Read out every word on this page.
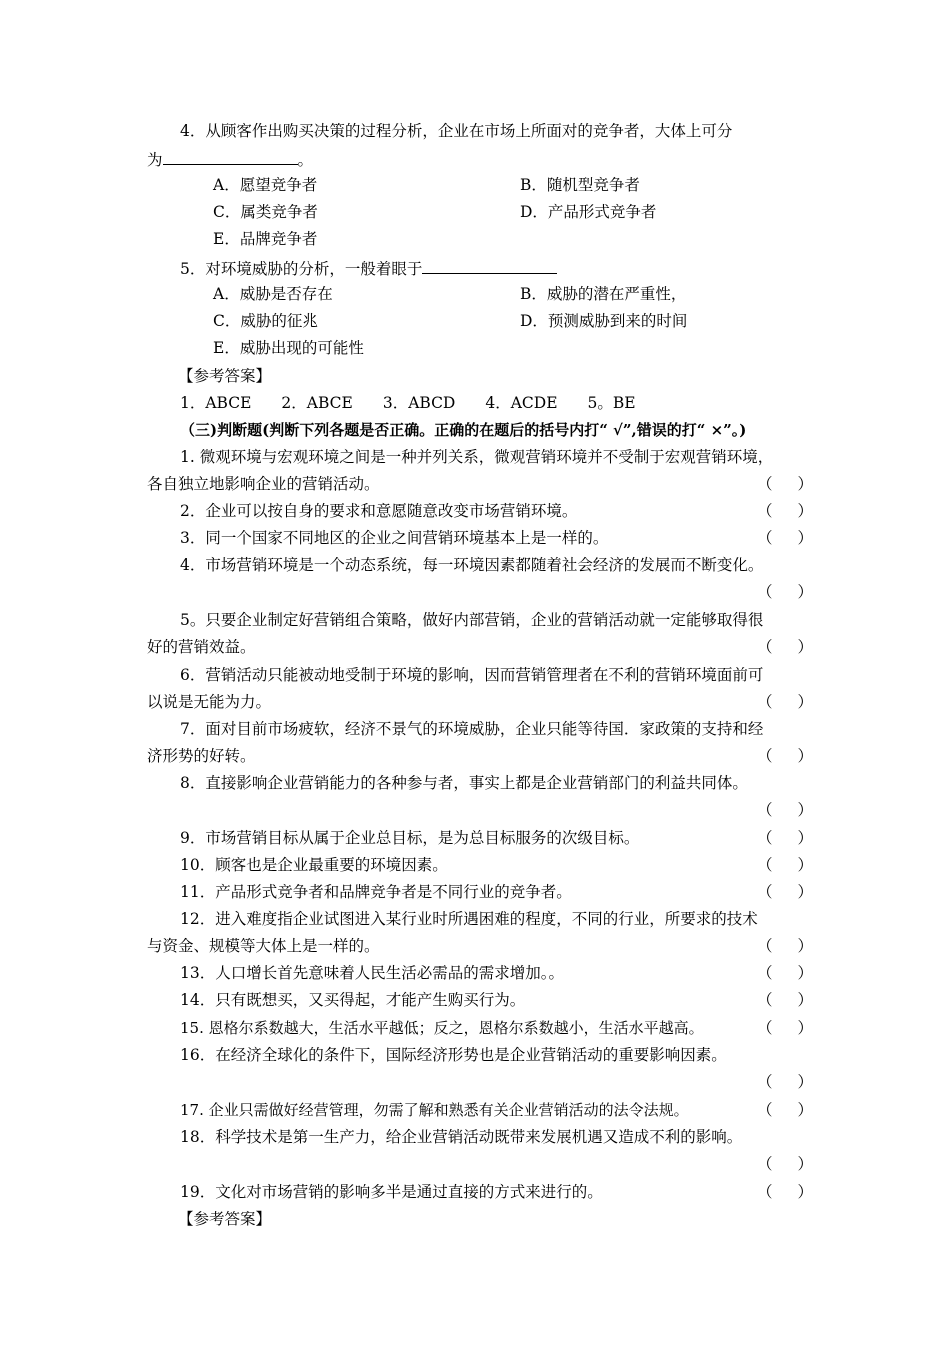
4．从顾客作出购买决策的过程分析，企业在市场上所面对的竞争者，大体上可分
为	。
A．愿望竞争者	B．随机型竞争者
C．属类竞争者	D．产品形式竞争者
E．品牌竞争者
5．对环境威胁的分析，一般着眼于
A．威胁是否存在	B．威胁的潜在严重性，
C．威胁的征兆	D．预测威胁到来的时间
E．威胁出现的可能性
【参考答案】
1．ABCE 2．ABCE 3．ABCD 4．ACDE 5。BE
（三)判断题(判断下列各题是否正确。正确的在题后的括号内打“ √”,错误的打“ ×”。)
1. 微观环境与宏观环境之间是一种并列关系，微观营销环境并不受制于宏观营销环境，
各自独立地影响企业的营销活动。	（ ）
2．企业可以按自身的要求和意愿随意改变市场营销环境。	（ ）
3．同一个国家不同地区的企业之间营销环境基本上是一样的。	（ ）
4．市场营销环境是一个动态系统，每一环境因素都随着社会经济的发展而不断变化。
（ ）
5。只要企业制定好营销组合策略，做好内部营销，企业的营销活动就一定能够取得很
好的营销效益。	（ ）
6．营销活动只能被动地受制于环境的影响，因而营销管理者在不利的营销环境面前可
以说是无能为力。	（ ）
7．面对目前市场疲软，经济不景气的环境威胁，企业只能等待国．家政策的支持和经
济形势的好转。	（ ）
8．直接影响企业营销能力的各种参与者，事实上都是企业营销部门的利益共同体。
（ ）
9．市场营销目标从属于企业总目标，是为总目标服务的次级目标。	（ ）
10．顾客也是企业最重要的环境因素。	（ ）
11．产品形式竞争者和品牌竞争者是不同行业的竞争者。	（ ）
12．进入难度指企业试图进入某行业时所遇困难的程度，不同的行业，所要求的技术
与资金、规模等大体上是一样的。	（ ）
13．人口增长首先意味着人民生活必需品的需求增加。。	（ ）
14．只有既想买，又买得起，才能产生购买行为。	（ ）
15. 恩格尔系数越大，生活水平越低；反之，恩格尔系数越小，生活水平越高。	（ ）
16．在经济全球化的条件下，国际经济形势也是企业营销活动的重要影响因素。
（ ）
17. 企业只需做好经营管理，勿需了解和熟悉有关企业营销活动的法令法规。	（ ）
18．科学技术是第一生产力，给企业营销活动既带来发展机遇又造成不利的影响。
（ ）
19．文化对市场营销的影响多半是通过直接的方式来进行的。	（ ）
【参考答案】
